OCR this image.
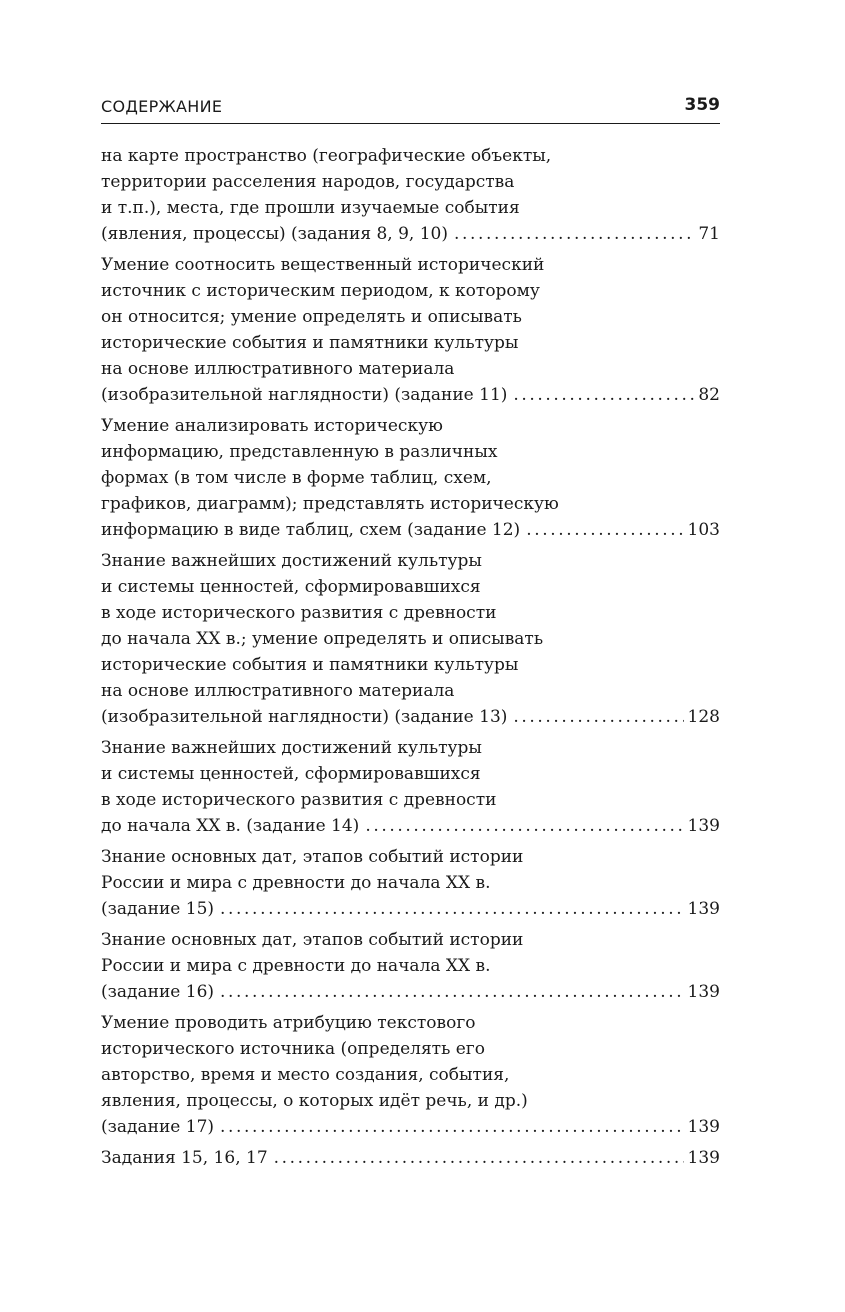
СОДЕРЖАНИЕ	359
на карте пространство (географические объекты,
территории расселения народов, государства
и т.п.), места, где прошли изучаемые события
(явления, процессы) (задания 8, 9, 10) .....	71
Умение соотносить вещественный исторический
источник с историческим периодом, к которому
он относится; умение определять и описывать
исторические события и памятники культуры
на основе иллюстративного материала
(изобразительной наглядности) (задание 11) .....	82
Умение анализировать историческую
информацию, представленную в различных
формах (в том числе в форме таблиц, схем,
графиков, диаграмм); представлять историческую
информацию в виде таблиц, схем (задание 12) .....	103
Знание важнейших достижений культуры
и системы ценностей, сформировавшихся
в ходе исторического развития с древности
до начала XX в.; умение определять и описывать
исторические события и памятники культуры
на основе иллюстративного материала
(изобразительной наглядности) (задание 13) .....	128
Знание важнейших достижений культуры
и системы ценностей, сформировавшихся
в ходе исторического развития с древности
до начала XX в. (задание 14) .....	139
Знание основных дат, этапов событий истории
России и мира с древности до начала XX в.
(задание 15) .....	139
Знание основных дат, этапов событий истории
России и мира с древности до начала XX в.
(задание 16) .....	139
Умение проводить атрибуцию текстового
исторического источника (определять его
авторство, время и место создания, события,
явления, процессы, о которых идёт речь, и др.)
(задание 17) .....	139
Задания 15, 16, 17 .....	139
